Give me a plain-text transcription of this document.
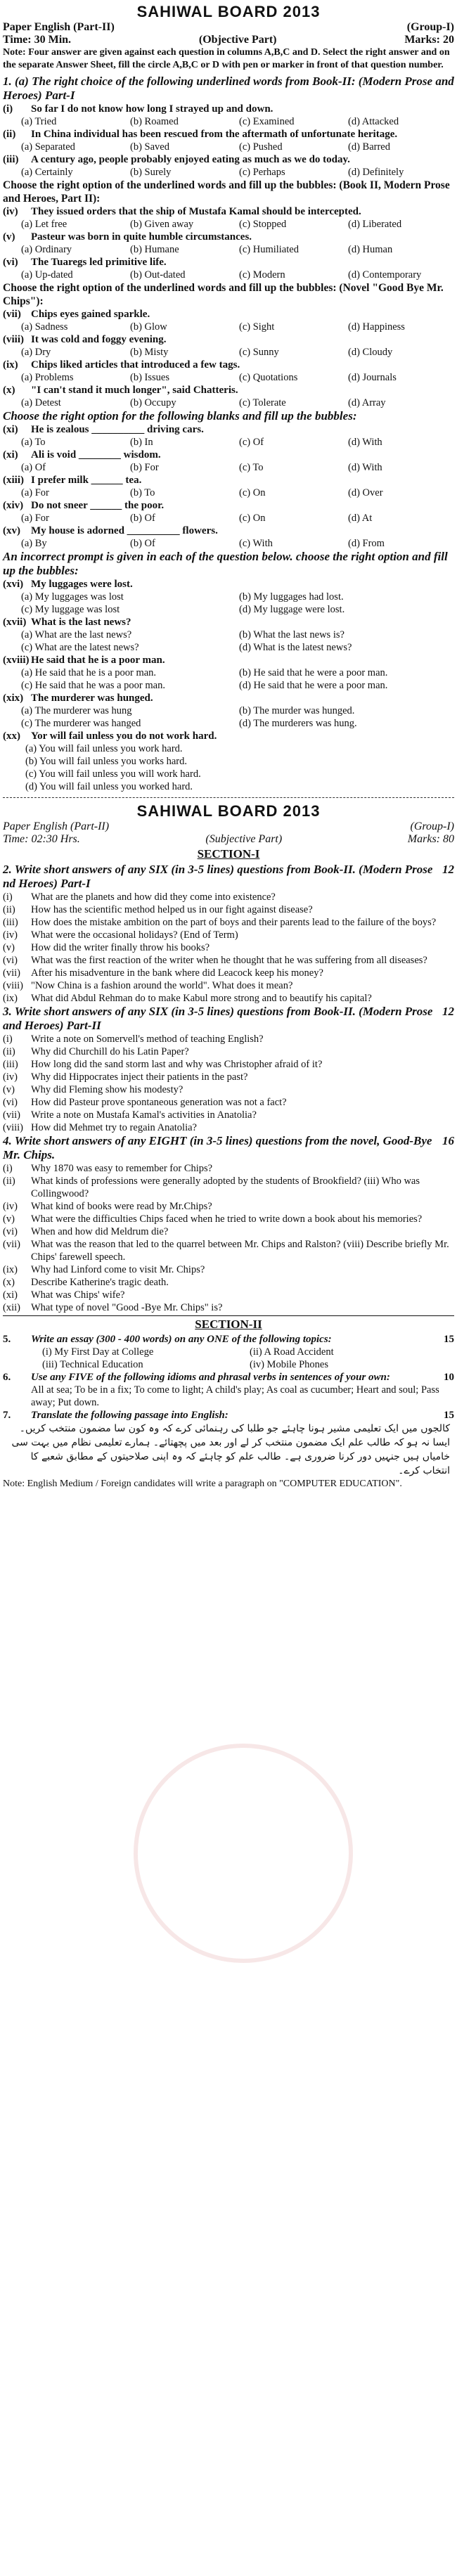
SAHIWAL BOARD 2013
Paper English (Part-II)	(Group-I)
Time: 30 Min.	(Objective Part)	Marks: 20
Note: Four answer are given against each question in columns A,B,C and D. Select the right answer and on the separate Answer Sheet, fill the circle A,B,C or D with pen or marker in front of that question number.
1. (a) The right choice of the following underlined words from Book-II: (Modern Prose and Heroes) Part-I
(i)	So far I do not know how long I strayed up and down.
(a) Tried	(b) Roamed	(c) Examined	(d) Attacked
(ii)	In China individual has been rescued from the aftermath of unfortunate heritage.
(a) Separated	(b) Saved	(c) Pushed	(d) Barred
(iii)	A century ago, people probably enjoyed eating as much as we do today.
(a) Certainly	(b) Surely	(c) Perhaps	(d) Definitely
Choose the right option of the underlined words and fill up the bubbles: (Book II, Modern Prose and Heroes, Part II):
(iv)	They issued orders that the ship of Mustafa Kamal should be intercepted.
(a) Let free	(b) Given away	(c) Stopped	(d) Liberated
(v)	Pasteur was born in quite humble circumstances.
(a) Ordinary	(b) Humane	(c) Humiliated	(d) Human
(vi)	The Tuaregs led primitive life.
(a) Up-dated	(b) Out-dated	(c) Modern	(d) Contemporary
Choose the right option of the underlined words and fill up the bubbles: (Novel "Good Bye Mr. Chips"):
(vii) Chips eyes gained sparkle.
(a) Sadness	(b) Glow	(c) Sight	(d) Happiness
(viii) It was cold and foggy evening.
(a) Dry	(b) Misty	(c) Sunny	(d) Cloudy
(ix)	Chips liked articles that introduced a few tags.
(a) Problems	(b) Issues	(c) Quotations	(d) Journals
(x)	"I can't stand it much longer", said Chatteris.
(a) Detest	(b) Occupy	(c) Tolerate	(d) Array
Choose the right option for the following blanks and fill up the bubbles:
(xi)	He is zealous __________ driving cars.
(a) To	(b) In	(c) Of	(d) With
(xi)	Ali is void ________ wisdom.
(a) Of	(b) For	(c) To	(d) With
(xiii) I prefer milk ______ tea.
(a) For	(b) To	(c) On	(d) Over
(xiv) Do not sneer ______ the poor.
(a) For	(b) Of	(c) On	(d) At
(xv)	My house is adorned __________ flowers.
(a) By	(b) Of	(c) With	(d) From
An incorrect prompt is given in each of the question below. choose the right option and fill up the bubbles:
(xvi) My luggages were lost.
(a) My luggages was lost	(b) My luggages had lost.
(c) My luggage was lost	(d) My luggage were lost.
(xvii) What is the last news?
(a) What are the last news?	(b) What the last news is?
(c) What are the latest news?	(d) What is the latest news?
(xviii) He said that he is a poor man.
(a) He said that he is a poor man.	(b) He said that he were a poor man.
(c) He said that he was a poor man.	(d) He said that he were a poor man.
(xix) The murderer was hunged.
(a) The murderer was hung	(b) The murder was hunged.
(c) The murderer was hanged	(d) The murderers was hung.
(xx)	Yor will fail unless you do not work hard.
(a) You will fail unless you work hard.
(b) You will fail unless you works hard.
(c) You will fail unless you will work hard.
(d) You will fail unless you worked hard.
SAHIWAL BOARD 2013
Paper English (Part-II)	(Group-I)
Time: 02:30 Hrs.	(Subjective Part)	Marks: 80
SECTION-I
12
2. Write short answers of any SIX (in 3-5 lines) questions from Book-II. (Modern Prose nd Heroes) Part-I
(i)	What are the planets and how did they come into existence?
(ii)	How has the scientific method helped us in our fight against disease?
(iii)	How does the mistake ambition on the part of boys and their parents lead to the failure of the boys?
(iv)	What were the occasional holidays? (End of Term)
(v)	How did the writer finally throw his books?
(vi)	What was the first reaction of the writer when he thought that he was suffering from all diseases?
(vii)	After his misadventure in the bank where did Leacock keep his money?
(viii) "Now China is a fashion around the world". What does it mean?
(ix)	What did Abdul Rehman do to make Kabul more strong and to beautify his capital?
12
3. Write short answers of any SIX (in 3-5 lines) questions from Book-II. (Modern Prose and Heroes) Part-II
(i)	Write a note on Somervell's method of teaching English?
(ii)	Why did Churchill do his Latin Paper?
(iii)	How long did the sand storm last and why was Christopher afraid of it?
(iv)	Why did Hippocrates inject their patients in the past?
(v)	Why did Fleming show his modesty?
(vi)	How did Pasteur prove spontaneous generation was not a fact?
(vii)	Write a note on Mustafa Kamal's activities in Anatolia?
(viii) How did Mehmet try to regain Anatolia?
16
4. Write short answers of any EIGHT (in 3-5 lines) questions from the novel, Good-Bye Mr. Chips.
(i)	Why 1870 was easy to remember for Chips?
(ii)	What kinds of professions were generally adopted by the students of Brookfield? (iii) Who was Collingwood?
(iv)	What kind of books were read by Mr.Chips?
(v)	What were the difficulties Chips faced when he tried to write down a book about his memories?
(vi)	When and how did Meldrum die?
(vii)	What was the reason that led to the quarrel between Mr. Chips and Ralston? (viii) Describe briefly Mr. Chips' farewell speech.
(ix)	Why had Linford come to visit Mr. Chips?
(x)	Describe Katherine's tragic death.
(xi)	What was Chips' wife?
(xii)	What type of novel "Good -Bye Mr. Chips" is?
SECTION-II
5.	Write an essay (300 - 400 words) on any ONE of the following topics:	15
(i) My First Day at College	(ii) A Road Accident
(iii) Technical Education	(iv) Mobile Phones
6.	Use any FIVE of the following idioms and phrasal verbs in sentences of your own:	10
All at sea; To be in a fix; To come to light; A child's play; As coal as cucumber; Heart and soul; Pass away; Put down.
7.	Translate the following passage into English:	15
کالجوں میں ایک تعلیمی مشیر ہونا چاہئے جو طلبا کی رہنمائی کرے کہ وہ کون سا مضمون منتخب کریں۔ ایسا نہ ہو کہ طالب علم ایک مضمون منتخب کر لے اور بعد میں پچھتائے۔ ہمارے تعلیمی نظام میں بہت سی خامیاں ہیں جنہیں دور کرنا ضروری ہے۔ طالب علم کو چاہئے کہ وہ اپنی صلاحیتوں کے مطابق شعبے کا انتخاب کرے۔
Note: English Medium / Foreign candidates will write a paragraph on "COMPUTER EDUCATION".
